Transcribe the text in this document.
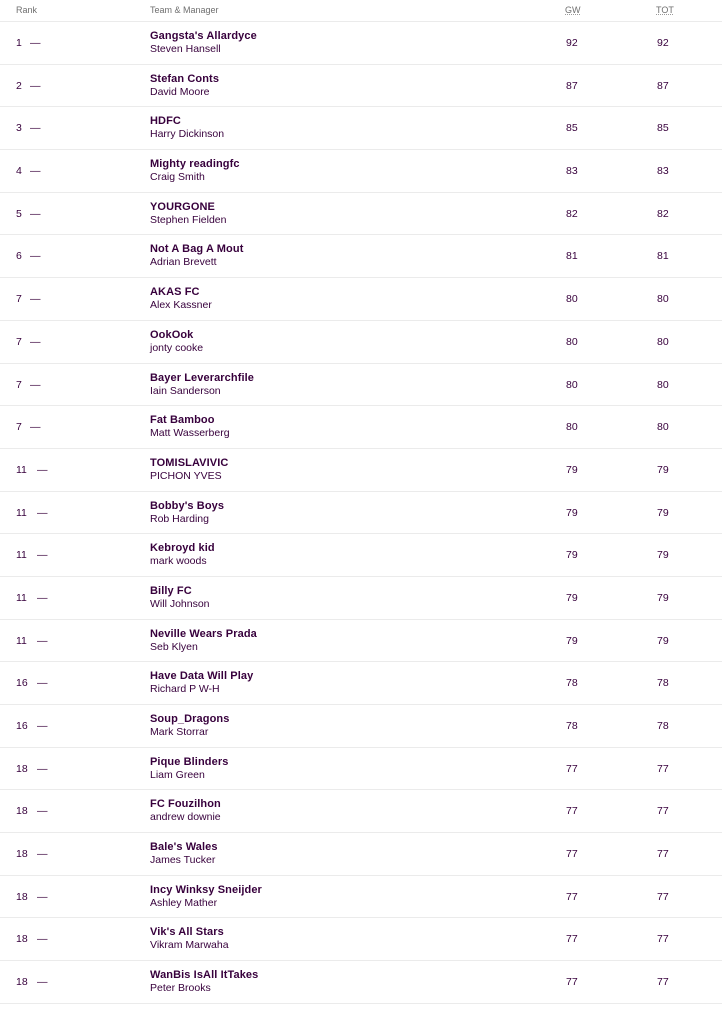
Rank	Team & Manager	GW	TOT
1 —
Gangsta's Allardyce
Steven Hansell	92	92
2 —
Stefan Conts
David Moore	87	87
3 —
HDFC
Harry Dickinson	85	85
4 —
Mighty readingfc
Craig Smith	83	83
5 —
YOURGONE
Stephen Fielden	82	82
6 —
Not A Bag A Mout
Adrian Brevett	81	81
7 —
AKAS FC
Alex Kassner	80	80
7 —
OokOok
jonty cooke	80	80
7 —
Bayer Leverarchfile
Iain Sanderson	80	80
7 —
Fat Bamboo
Matt Wasserberg	80	80
11 —
TOMISLAVIVIC
PICHON YVES	79	79
11 —
Bobby's Boys
Rob Harding	79	79
11 —
Kebroyd kid
mark woods	79	79
11 —
Billy FC
Will Johnson	79	79
11 —
Neville Wears Prada
Seb Klyen	79	79
16 —
Have Data Will Play
Richard P W-H	78	78
16 —
Soup_Dragons
Mark Storrar	78	78
18 —
Pique Blinders
Liam Green	77	77
18 —
FC Fouzilhon
andrew downie	77	77
18 —
Bale's Wales
James Tucker	77	77
18 —
Incy Winksy Sneijder
Ashley Mather	77	77
18 —
Vik's All Stars
Vikram Marwaha	77	77
18 —
WanBis IsAll ItTakes
Peter Brooks	77	77
